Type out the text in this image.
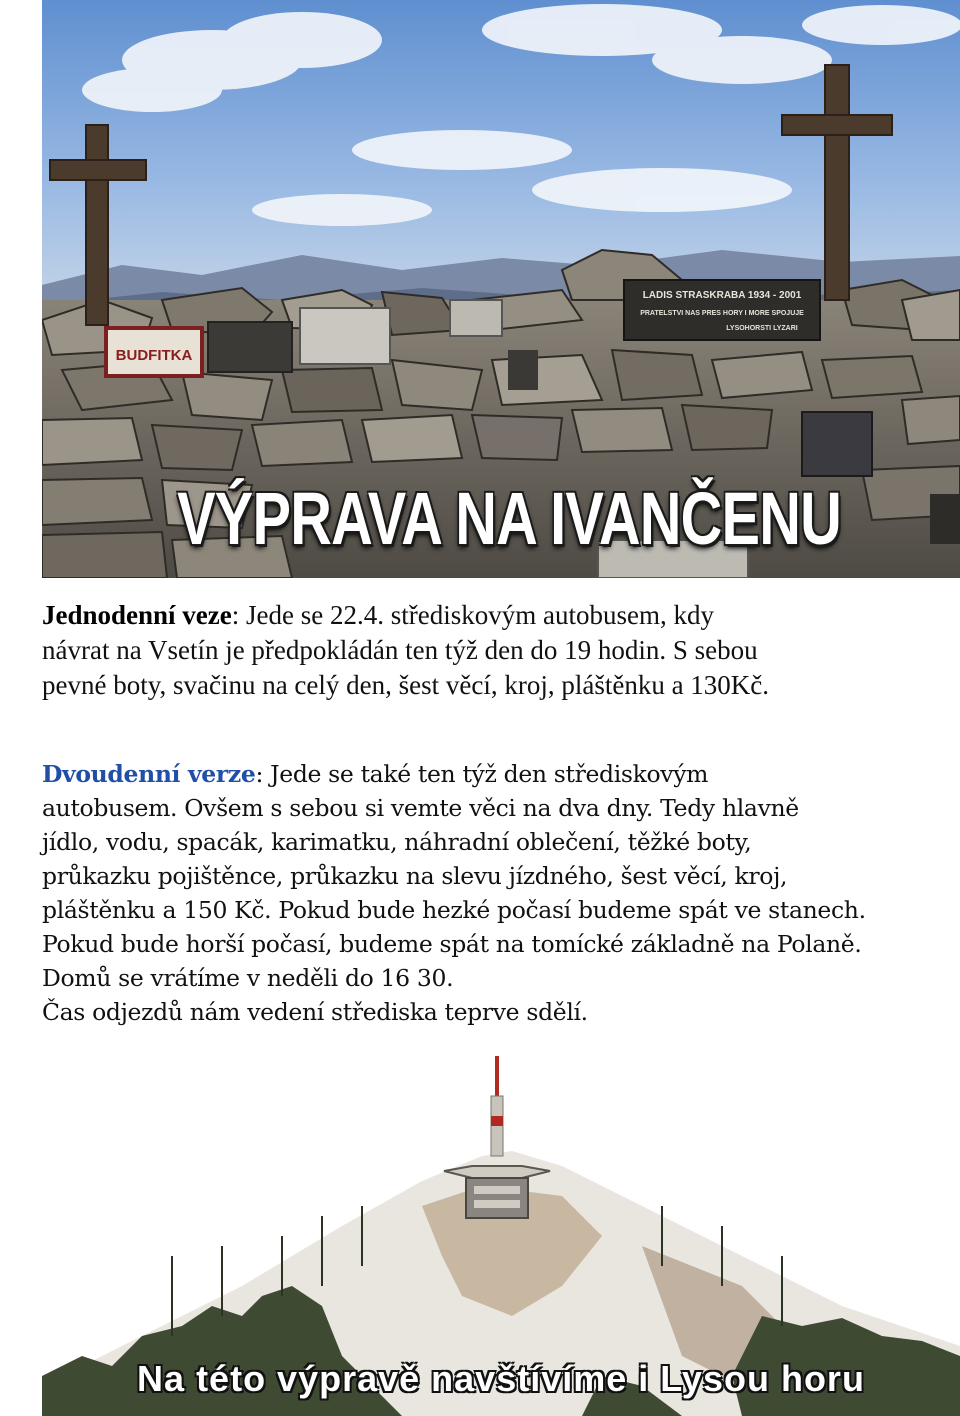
BUDFITKA
LADIS STRASKRABA 1934 - 2001
PRATELSTVI NAS PRES HORY I MORE SPOJUJE
LYSOHORSTI LYZARI
VÝPRAVA NA IVANČENU
Jednodenní veze: Jede se 22.4. střediskovým autobusem, kdy
návrat na Vsetín je předpokládán ten týž den do 19 hodin. S sebou
pevné boty, svačinu na celý den, šest věcí, kroj, pláštěnku a 130Kč.
Dvoudenní verze: Jede se také ten týž den střediskovým
autobusem. Ovšem s sebou si vemte věci na dva dny. Tedy hlavně
jídlo, vodu, spacák, karimatku, náhradní oblečení, těžké boty,
průkazku pojištěnce, průkazku na slevu jízdného, šest věcí, kroj,
pláštěnku a 150 Kč. Pokud bude hezké počasí budeme spát ve stanech.
Pokud bude horší počasí, budeme spát na tomícké základně na Polaně.
Domů se vrátíme v neděli do 16 30.
Čas odjezdů nám vedení střediska teprve sdělí.
Na této výpravě navštívíme i Lysou horu
